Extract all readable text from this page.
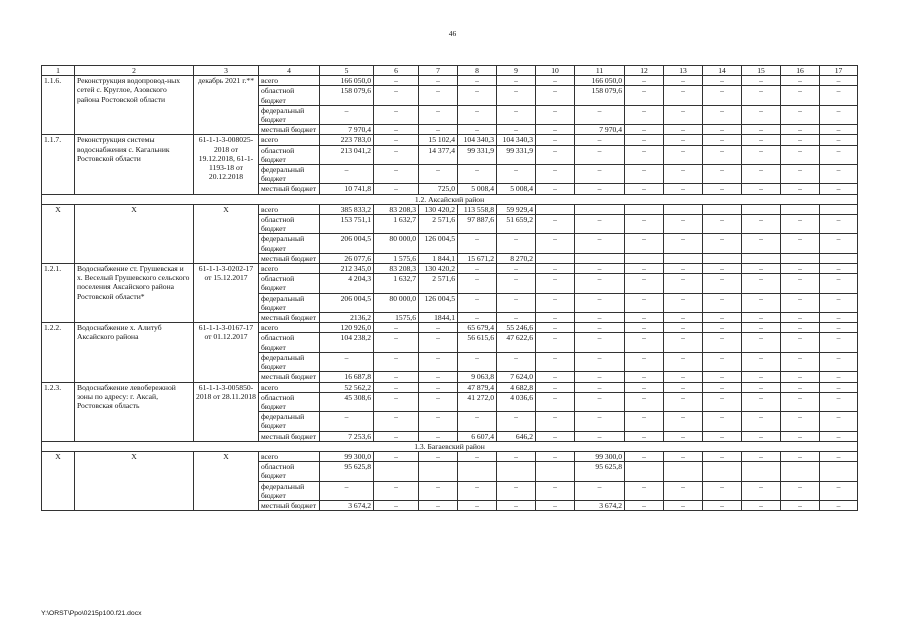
46
1	2	3	4	5	6	7	8	9	10	11	12	13	14	15	16	17
1.1.6.	Реконструкция водопровод-ных сетей с. Круглое, Азовского района Ростовской области	декабрь 2021 г.**	всего	166 050,0	–	–	–	–	–	166 050,0	–	–	–	–	–	–
			областной бюджет	158 079,6	–	–	–	–	–	158 079,6	–	–	–	–	–	–
			федеральный бюджет	–	–	–	–	–	–	–	–	–	–	–	–	–
			местный бюджет	7 970,4	–	–	–	–	–	7 970,4	–	–	–	–	–	–
1.1.7.	Реконструкция системы водоснабжения с. Кагальник Ростовской области	61-1-1-3-008025-2018 от 19.12.2018, 61-1-1193-18 от 20.12.2018	всего	223 783,0	–	15 102,4	104 340,3	104 340,3	–	–	–	–	–	–	–	–
			областной бюджет	213 041,2	–	14 377,4	99 331,9	99 331,9	–	–	–	–	–	–	–	–
			федеральный бюджет	–	–	–	–	–	–	–	–	–	–	–	–	–
			местный бюджет	10 741,8	–	725,0	5 008,4	5 008,4	–	–	–	–	–	–	–	–
1.2. Аксайский район																
Х	Х	Х	всего	385 833,2	83 208,3	130 420,2	113 558,8	59 929,4								
			областной бюджет	153 751,1	1 632,7	2 571,6	97 887,6	51 659,2	–	–	–	–	–	–	–	–
			федеральный бюджет	206 004,5	80 000,0	126 004,5	–	–	–	–	–	–	–	–	–	–
			местный бюджет	26 077,6	1 575,6	1 844,1	15 671,2	8 270,2								
1.2.1.	Водоснабжение ст. Грушевская и х. Веселый Грушевского сельского поселения Аксайского района Ростовской области*	61-1-1-3-0202-17 от 15.12.2017	всего	212 345,0	83 208,3	130 420,2	–	–	–	–	–	–	–	–	–	–
			областной бюджет	4 204,3	1 632,7	2 571,6	–	–	–	–	–	–	–	–	–	–
			федеральный бюджет	206 004,5	80 000,0	126 004,5	–	–	–	–	–	–	–	–	–	–
			местный бюджет	2136,2	1575,6	1844,1	–	–	–	–	–	–	–	–	–	–
1.2.2.	Водоснабжение х. Алитуб Аксайского района	61-1-1-3-0167-17 от 01.12.2017	всего	120 926,0	–	–	65 679,4	55 246,6	–	–	–	–	–	–	–	–
			областной бюджет	104 238,2	–	–	56 615,6	47 622,6	–	–	–	–	–	–	–	–
			федеральный бюджет	–	–	–	–	–	–	–	–	–	–	–	–	–
			местный бюджет	16 687,8	–	–	9 063,8	7 624,0	–	–	–	–	–	–	–	–
1.2.3.	Водоснабжение левобережной зоны по адресу: г. Аксай, Ростовская область	61-1-1-3-005850-2018 от 28.11.2018	всего	52 562,2	–	–	47 879,4	4 682,8	–	–	–	–	–	–	–	–
			областной бюджет	45 308,6	–	–	41 272,0	4 036,6	–	–	–	–	–	–	–	–
			федеральный бюджет	–	–	–	–	–	–	–	–	–	–	–	–	–
			местный бюджет	7 253,6	–	–	6 607,4	646,2	–	–	–	–	–	–	–	–
1.3. Багаевский район																
Х	Х	Х	всего	99 300,0	–	–	–	–	–	99 300,0	–	–	–	–	–	–
			областной бюджет	95 625,8						95 625,8						
			федеральный бюджет	–	–	–	–	–	–	–	–	–	–	–	–	–
			местный бюджет	3 674,2	–	–	–	–	–	3 674,2	–	–	–	–	–	–
Y:\ORST\Ppo\0215p100.f21.docx
